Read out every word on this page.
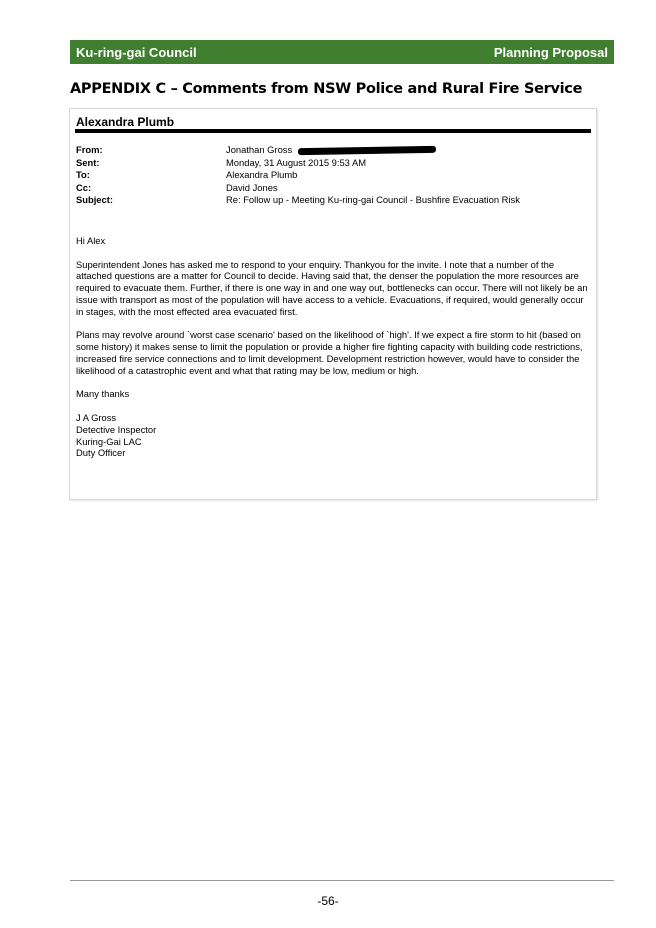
Ku-ring-gai Council	Planning Proposal
APPENDIX C – Comments from NSW Police and Rural Fire Service
Alexandra Plumb
From:	Jonathan Gross
Sent:	Monday, 31 August 2015 9:53 AM
To:	Alexandra Plumb
Cc:	David Jones
Subject:	Re: Follow up - Meeting Ku-ring-gai Council - Bushfire Evacuation Risk

Hi Alex

Superintendent Jones has asked me to respond to your enquiry. Thankyou for the invite. I note that a number of the attached questions are a matter for Council to decide. Having said that, the denser the population the more resources are required to evacuate them. Further, if there is one way in and one way out, bottlenecks can occur. There will not likely be an issue with transport as most of the population will have access to a vehicle. Evacuations, if required, would generally occur in stages, with the most effected area evacuated first.

Plans may revolve around `worst case scenario' based on the likelihood of `high'. If we expect a fire storm to hit (based on some history) it makes sense to limit the population or provide a higher fire fighting capacity with building code restrictions, increased fire service connections and to limit development. Development restriction however, would have to consider the likelihood of a catastrophic event and what that rating may be low, medium or high.

Many thanks

J A Gross
Detective Inspector
Kuring-Gai LAC
Duty Officer
-56-
